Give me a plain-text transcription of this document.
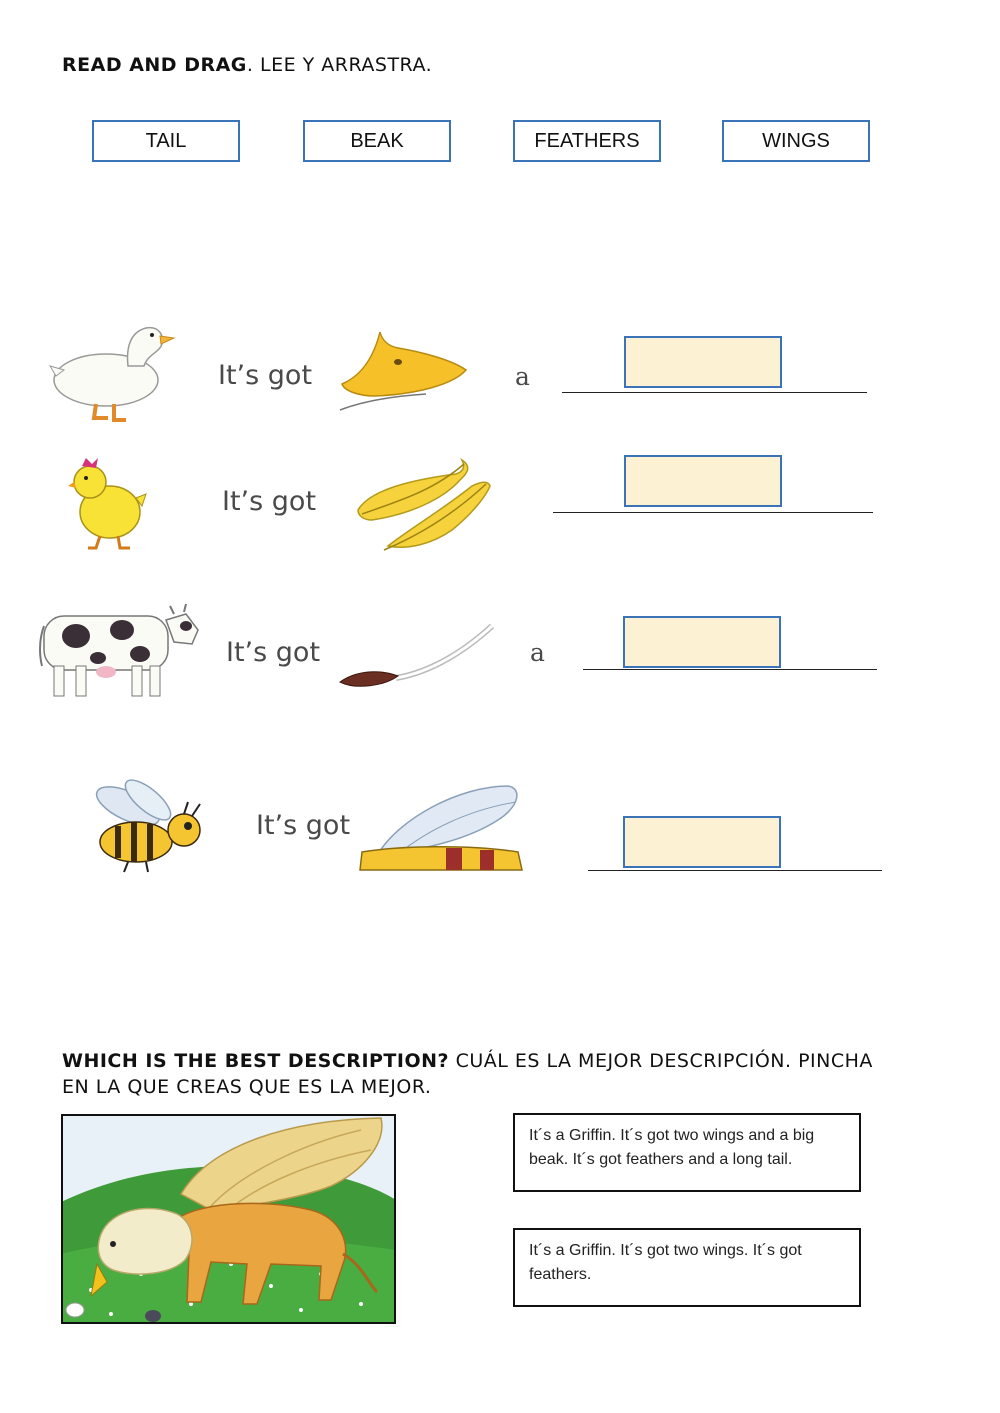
READ AND DRAG. LEE Y ARRASTRA.
TAIL	BEAK	FEATHERS	WINGS
It’s got	a
It’s got
It’s got	a
It’s got
WHICH IS THE BEST DESCRIPTION? CUÁL ES LA MEJOR DESCRIPCIÓN. PINCHA
EN LA QUE CREAS QUE ES LA MEJOR.
It´s a Griffin. It´s got two wings and a big beak. It´s got feathers and a long tail.
It´s a Griffin. It´s got two wings. It´s got feathers.
